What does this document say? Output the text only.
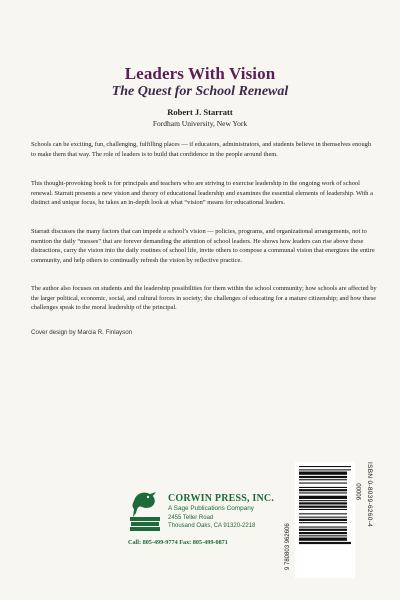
Leaders With Vision
The Quest for School Renewal
Robert J. Starratt
Fordham University, New York

Schools can be exciting, fun, challenging, fulfilling places — if educators, administrators, and students believe in themselves enough to make them that way. The role of leaders is to build that confidence in the people around them.

This thought-provoking book is for principals and teachers who are striving to exercise leadership in the ongoing work of school renewal. Starratt presents a new vision and theory of educational leadership and examines the essential elements of leadership. With a distinct and unique focus, he takes an in-depth look at what “vision” means for educational leaders.

Starratt discusses the many factors that can impede a school’s vision — policies, programs, and organizational arrangements, not to mention the daily “messes” that are forever demanding the attention of school leaders. He shows how leaders can rise above these distractions, carry the vision into the daily routines of school life, invite others to compose a communal vision that energizes the entire community, and help others to continually refresh the vision by reflective practice.

The author also focuses on students and the leadership possibilities for them within the school community; how schools are affected by the larger political, economic, social, and cultural forces in society; the challenges of educating for a mature citizenship; and how these challenges speak to the moral leadership of the principal.

Cover design by Marcia R. Finlayson
9 780803 962606
90000 ISBN 0-8039-6260-4
CORWIN PRESS, INC.
A Sage Publications Company
2455 Teller Road
Thousand Oaks, CA 91320-2218
Call: 805-499-9774 Fax: 805-499-0871
